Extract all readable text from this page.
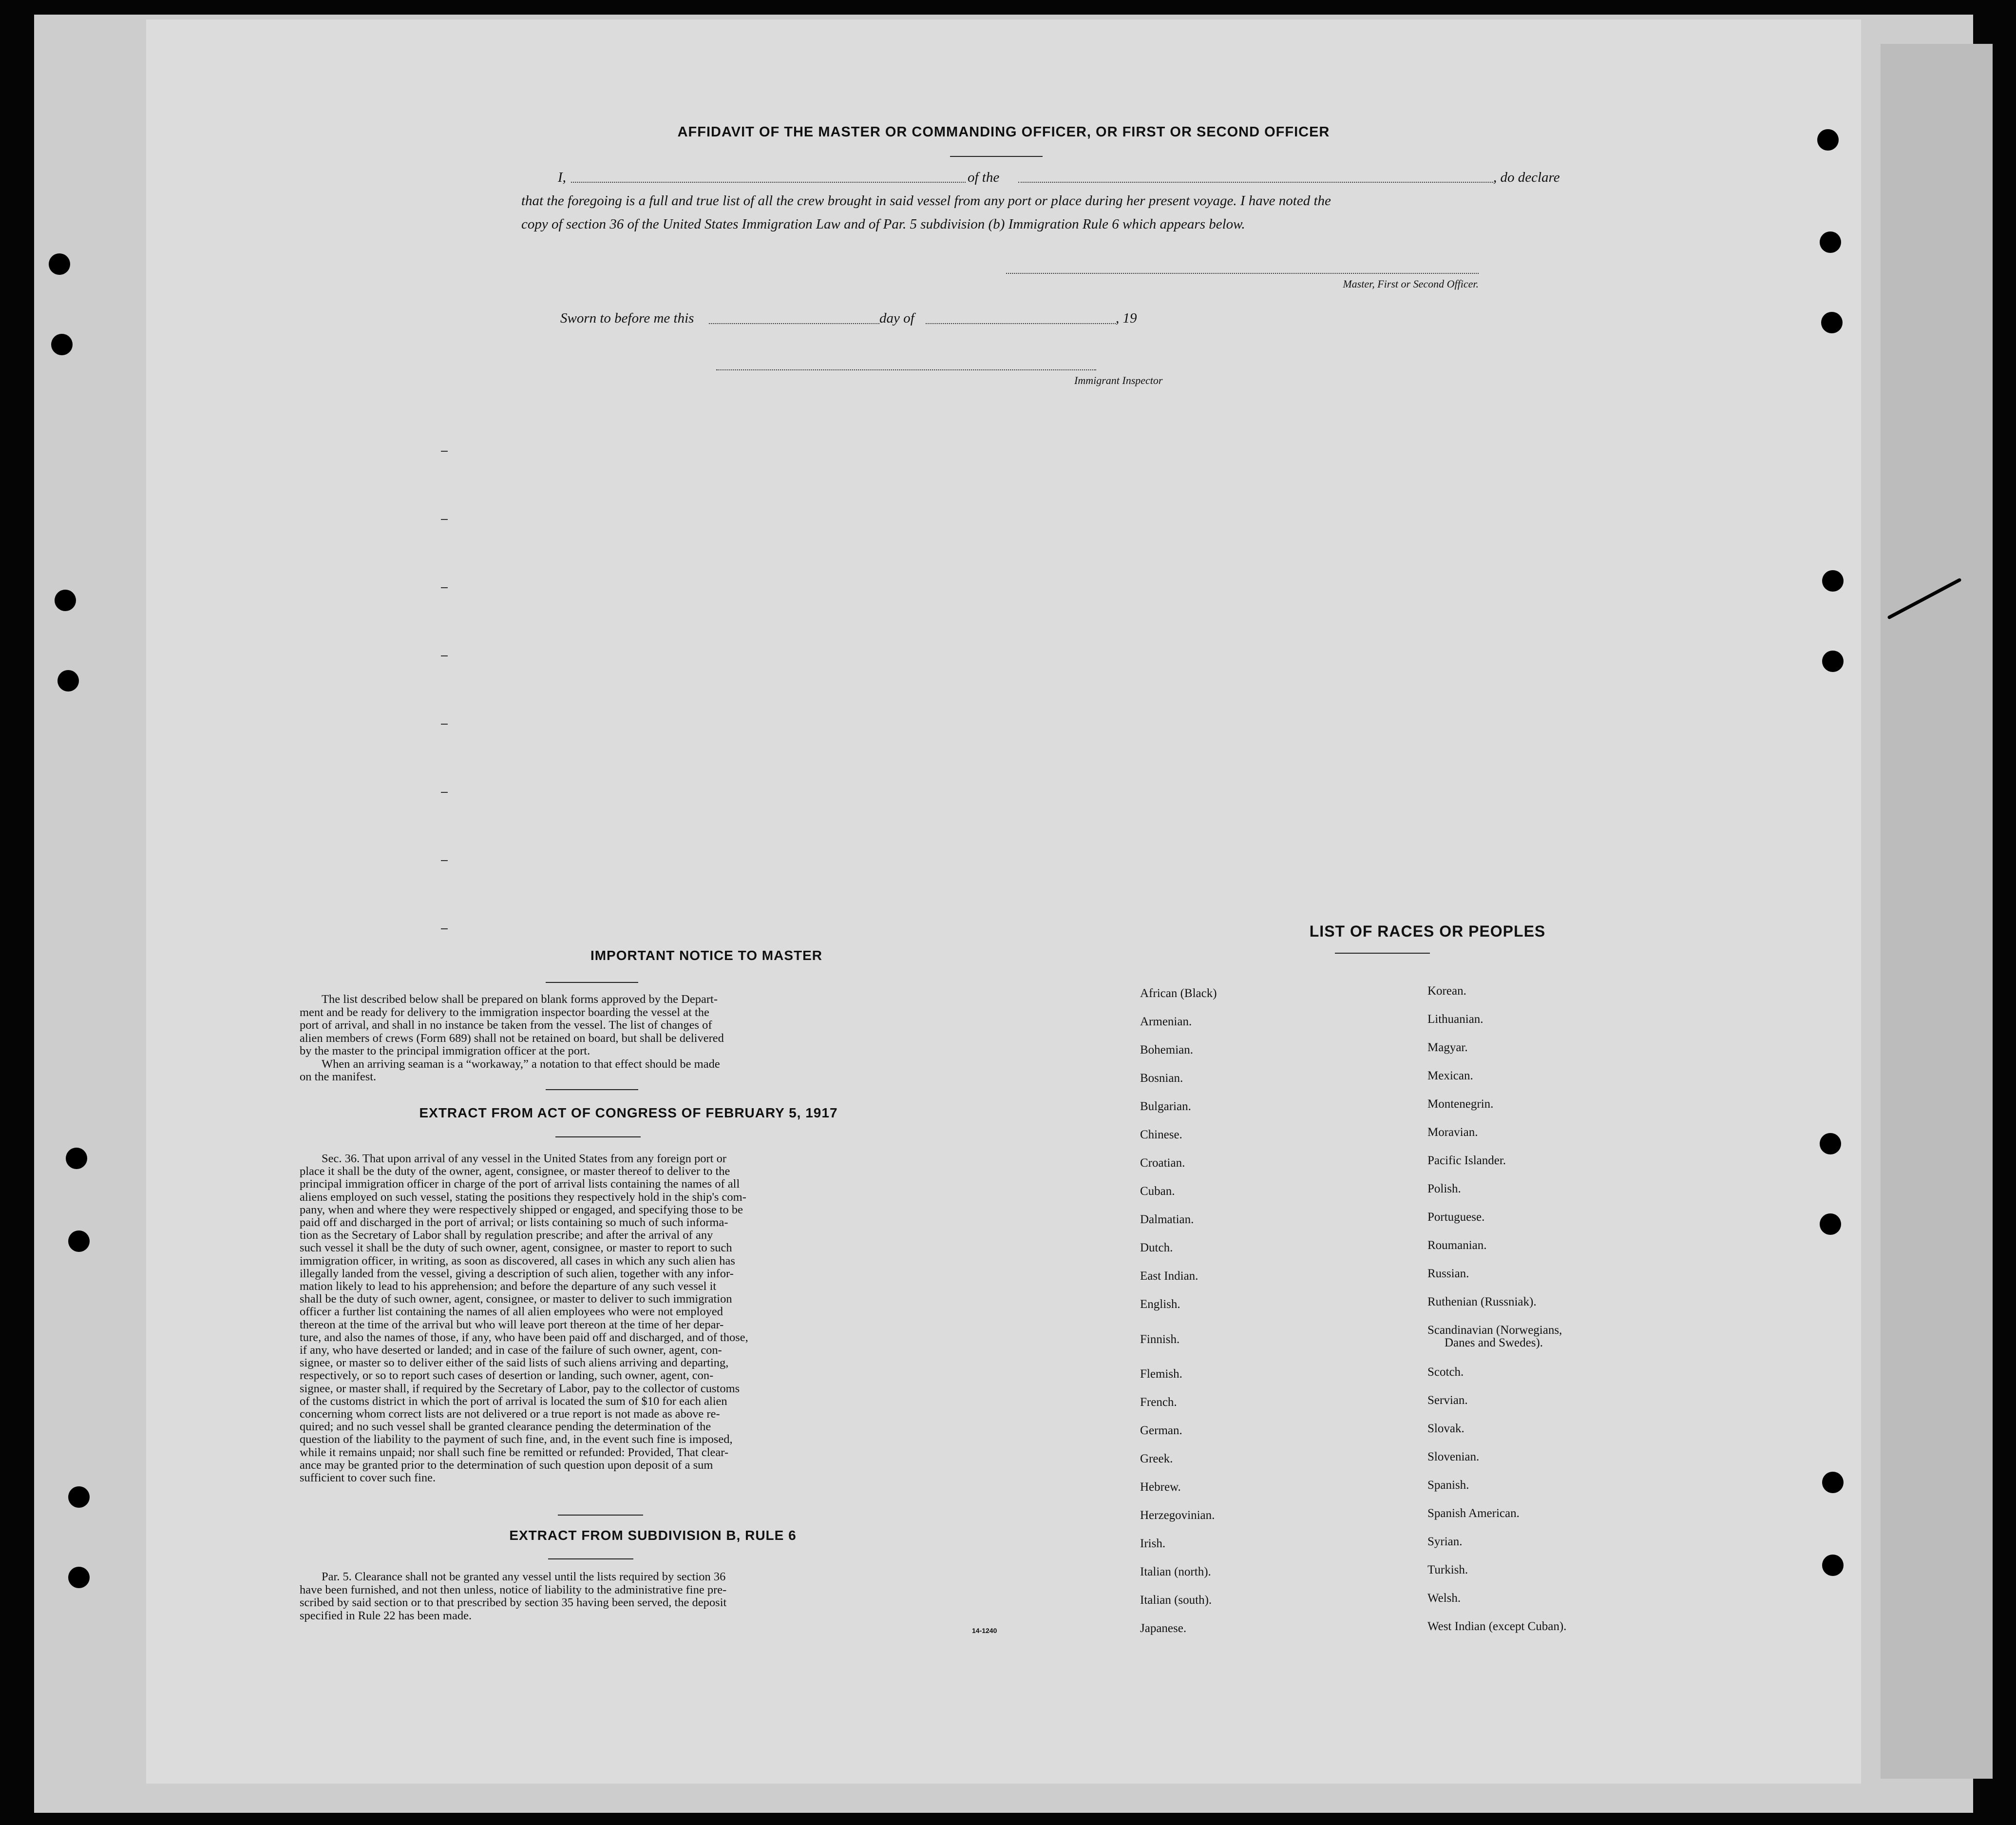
AFFIDAVIT OF THE MASTER OR COMMANDING OFFICER, OR FIRST OR SECOND OFFICER
I,	of the	, do declare
that the foregoing is a full and true list of all the crew brought in said vessel from any port or place during her present voyage. I have noted the
copy of section 36 of the United States Immigration Law and of Par. 5 subdivision (b) Immigration Rule 6 which appears below.
Master, First or Second Officer.
Sworn to before me this	day of	, 19
Immigrant Inspector
IMPORTANT NOTICE TO MASTER
The list described below shall be prepared on blank forms approved by the Depart-
ment and be ready for delivery to the immigration inspector boarding the vessel at the
port of arrival, and shall in no instance be taken from the vessel. The list of changes of
alien members of crews (Form 689) shall not be retained on board, but shall be delivered
by the master to the principal immigration officer at the port.
When an arriving seaman is a “workaway,” a notation to that effect should be made
on the manifest.
EXTRACT FROM ACT OF CONGRESS OF FEBRUARY 5, 1917
Sec. 36. That upon arrival of any vessel in the United States from any foreign port or
place it shall be the duty of the owner, agent, consignee, or master thereof to deliver to the
principal immigration officer in charge of the port of arrival lists containing the names of all
aliens employed on such vessel, stating the positions they respectively hold in the ship's com-
pany, when and where they were respectively shipped or engaged, and specifying those to be
paid off and discharged in the port of arrival; or lists containing so much of such informa-
tion as the Secretary of Labor shall by regulation prescribe; and after the arrival of any
such vessel it shall be the duty of such owner, agent, consignee, or master to report to such
immigration officer, in writing, as soon as discovered, all cases in which any such alien has
illegally landed from the vessel, giving a description of such alien, together with any infor-
mation likely to lead to his apprehension; and before the departure of any such vessel it
shall be the duty of such owner, agent, consignee, or master to deliver to such immigration
officer a further list containing the names of all alien employees who were not employed
thereon at the time of the arrival but who will leave port thereon at the time of her depar-
ture, and also the names of those, if any, who have been paid off and discharged, and of those,
if any, who have deserted or landed; and in case of the failure of such owner, agent, con-
signee, or master so to deliver either of the said lists of such aliens arriving and departing,
respectively, or so to report such cases of desertion or landing, such owner, agent, con-
signee, or master shall, if required by the Secretary of Labor, pay to the collector of customs
of the customs district in which the port of arrival is located the sum of $10 for each alien
concerning whom correct lists are not delivered or a true report is not made as above re-
quired; and no such vessel shall be granted clearance pending the determination of the
question of the liability to the payment of such fine, and, in the event such fine is imposed,
while it remains unpaid; nor shall such fine be remitted or refunded: Provided, That clear-
ance may be granted prior to the determination of such question upon deposit of a sum
sufficient to cover such fine.
EXTRACT FROM SUBDIVISION B, RULE 6
Par. 5. Clearance shall not be granted any vessel until the lists required by section 36
have been furnished, and not then unless, notice of liability to the administrative fine pre-
scribed by said section or to that prescribed by section 35 having been served, the deposit
specified in Rule 22 has been made.
14-1240
LIST OF RACES OR PEOPLES
African (Black)
Armenian.
Bohemian.
Bosnian.
Bulgarian.
Chinese.
Croatian.
Cuban.
Dalmatian.
Dutch.
East Indian.
English.
Finnish.
Flemish.
French.
German.
Greek.
Hebrew.
Herzegovinian.
Irish.
Italian (north).
Italian (south).
Japanese.
Korean.
Lithuanian.
Magyar.
Mexican.
Montenegrin.
Moravian.
Pacific Islander.
Polish.
Portuguese.
Roumanian.
Russian.
Ruthenian (Russniak).
Scandinavian (Norwegians,
Danes and Swedes).
Scotch.
Servian.
Slovak.
Slovenian.
Spanish.
Spanish American.
Syrian.
Turkish.
Welsh.
West Indian (except Cuban).
